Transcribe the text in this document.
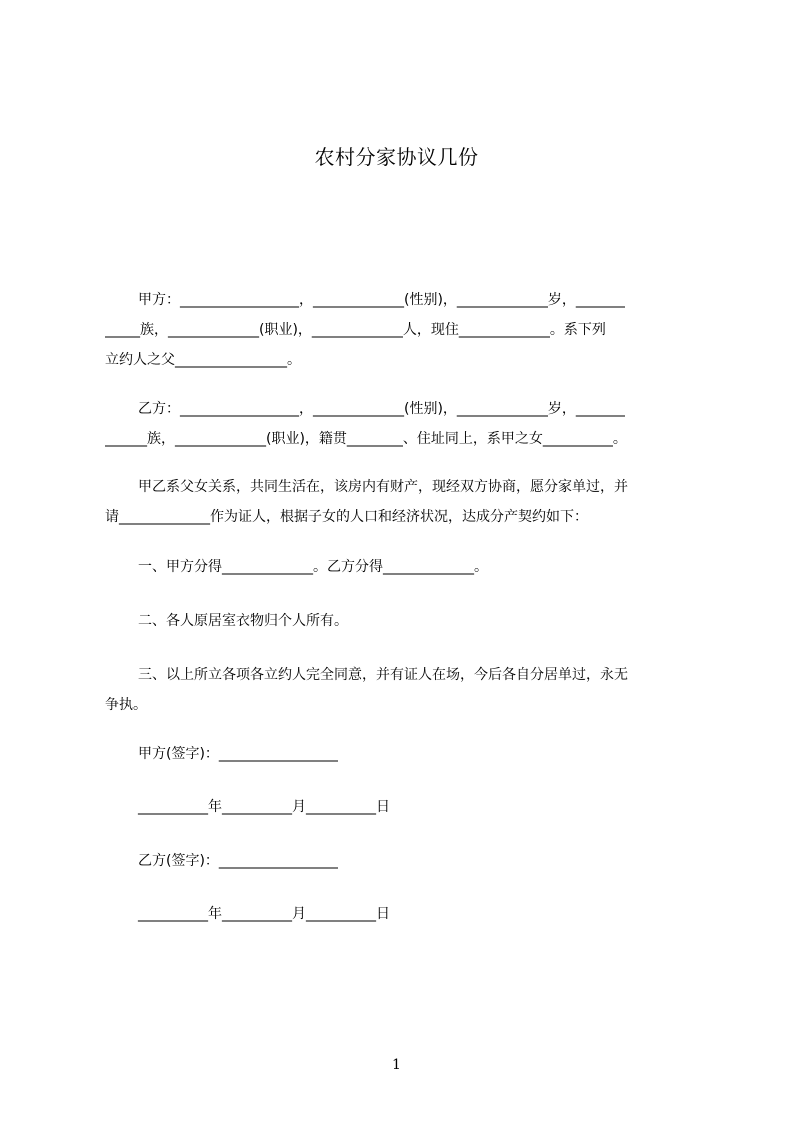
农村分家协议几份
甲方：_________________，_____________(性别)，_____________岁，_______
_____族，_____________(职业)，_____________人，现住_____________。系下列
立约人之父________________。
乙方：_________________，_____________(性别)，_____________岁，_______
______族，_____________(职业)，籍贯________、住址同上，系甲之女__________。
甲乙系父女关系，共同生活在，该房内有财产，现经双方协商，愿分家单过，并
请_____________作为证人，根据子女的人口和经济状况，达成分产契约如下：
一、甲方分得_____________。乙方分得_____________。
二、各人原居室衣物归个人所有。
三、以上所立各项各立约人完全同意，并有证人在场，今后各自分居单过，永无
争执。
甲方(签字)：_________________
__________年__________月__________日
乙方(签字)：_________________
__________年__________月__________日
1
